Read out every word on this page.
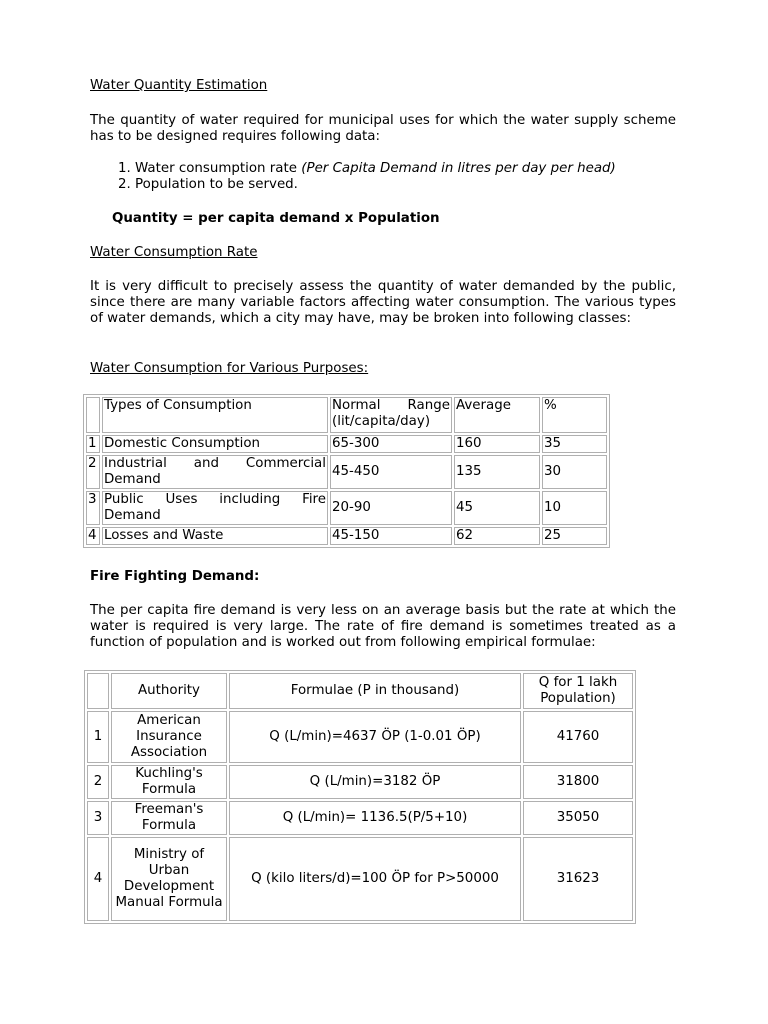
Water Quantity Estimation
The quantity of water required for municipal uses for which the water supply scheme has to be designed requires following data:
1. Water consumption rate (Per Capita Demand in litres per day per head)
2. Population to be served.
Quantity = per capita demand x Population
Water Consumption Rate
It is very difficult to precisely assess the quantity of water demanded by the public, since there are many variable factors affecting water consumption. The various types of water demands, which a city may have, may be broken into following classes:
Water Consumption for Various Purposes:
	Types of Consumption	Normal Range (lit/capita/day)	Average	%
1	Domestic Consumption	65-300	160	35
2	Industrial and Commercial Demand	45-450	135	30
3	Public Uses including Fire Demand	20-90	45	10
4	Losses and Waste	45-150	62	25
Fire Fighting Demand:
The per capita fire demand is very less on an average basis but the rate at which the water is required is very large. The rate of fire demand is sometimes treated as a function of population and is worked out from following empirical formulae:
	Authority	Formulae (P in thousand)	Q for 1 lakh Population)
1	American Insurance Association	Q (L/min)=4637 ÖP (1-0.01 ÖP)	41760
2	Kuchling's Formula	Q (L/min)=3182 ÖP	31800
3	Freeman's Formula	Q (L/min)= 1136.5(P/5+10)	35050
4	Ministry of Urban Development Manual Formula	Q (kilo liters/d)=100 ÖP for P>50000	31623
